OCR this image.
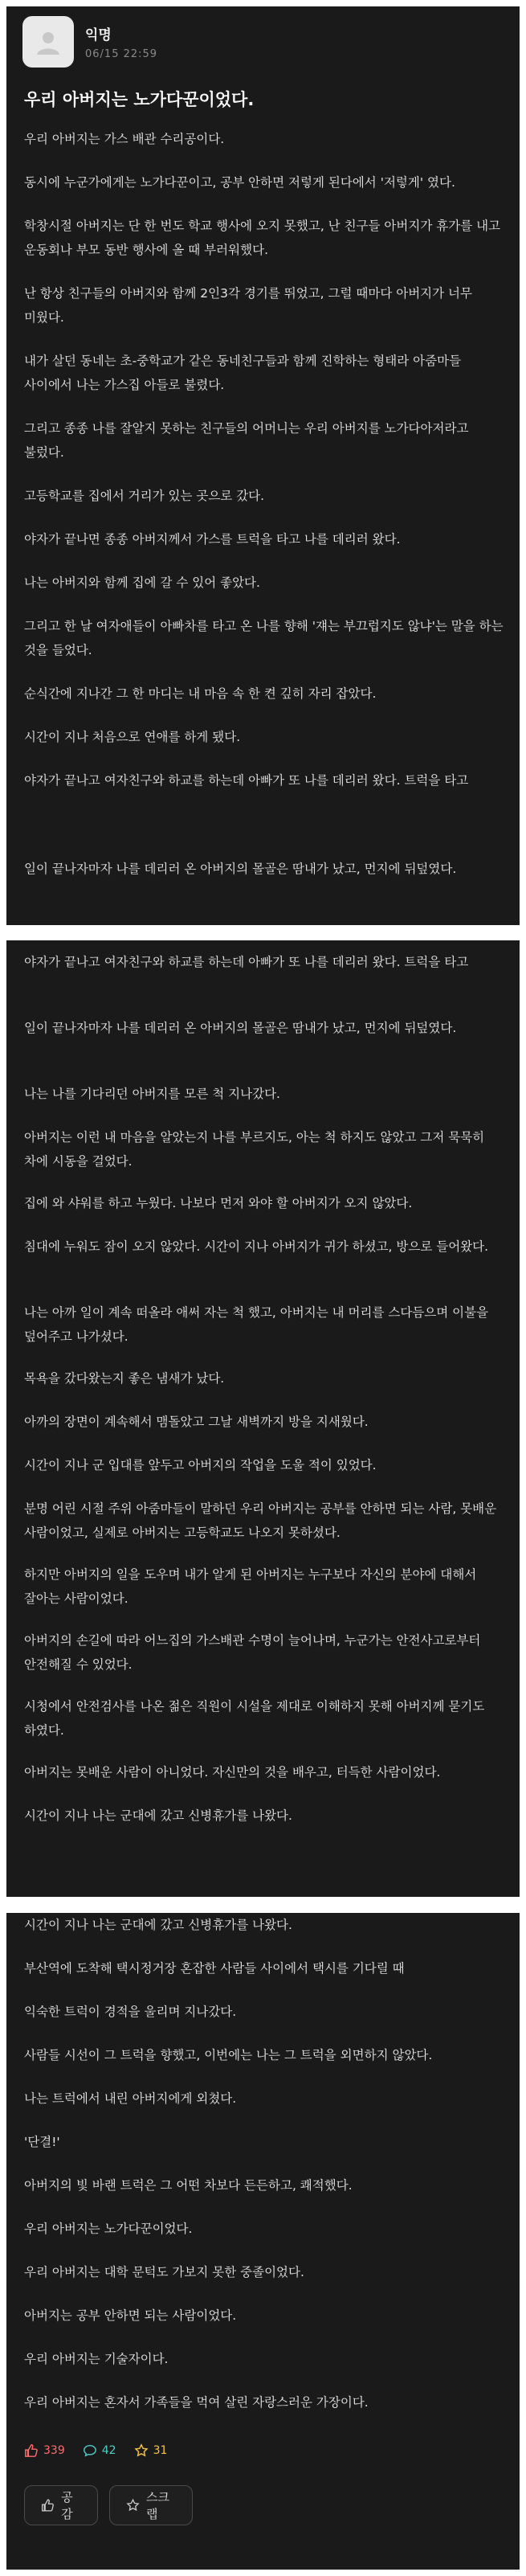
익명
06/15 22:59
우리 아버지는 노가다꾼이었다.

우리 아버지는 가스 배관 수리공이다.

동시에 누군가에게는 노가다꾼이고, 공부 안하면 저렇게 된다에서 '저렇게' 였다.

학창시절 아버지는 단 한 번도 학교 행사에 오지 못했고, 난 친구들 아버지가 휴가를 내고 운동회나 부모 동반 행사에 올 때 부러워했다.

난 항상 친구들의 아버지와 함께 2인3각 경기를 뛰었고, 그럴 때마다 아버지가 너무 미웠다.

내가 살던 동네는 초-중학교가 같은 동네친구들과 함께 진학하는 형태라 아줌마들 사이에서 나는 가스집 아들로 불렸다.

그리고 종종 나를 잘알지 못하는 친구들의 어머니는 우리 아버지를 노가다아저라고 불렀다.

고등학교를 집에서 거리가 있는 곳으로 갔다.

야자가 끝나면 종종 아버지께서 가스를 트럭을 타고 나를 데리러 왔다.

나는 아버지와 함께 집에 갈 수 있어 좋았다.

그리고 한 날 여자애들이 아빠차를 타고 온 나를 향해 '쟤는 부끄럽지도 않냐'는 말을 하는 것을 들었다.

순식간에 지나간 그 한 마디는 내 마음 속 한 켠 깊히 자리 잡았다.

시간이 지나 처음으로 연애를 하게 됐다.

야자가 끝나고 여자친구와 하교를 하는데 아빠가 또 나를 데리러 왔다. 트럭을 타고

일이 끝나자마자 나를 데리러 온 아버지의 몰골은 땀내가 났고, 먼지에 뒤덮였다.

야자가 끝나고 여자친구와 하교를 하는데 아빠가 또 나를 데리러 왔다. 트럭을 타고

일이 끝나자마자 나를 데리러 온 아버지의 몰골은 땀내가 났고, 먼지에 뒤덮였다.

나는 나를 기다리던 아버지를 모른 척 지나갔다.

아버지는 이런 내 마음을 알았는지 나를 부르지도, 아는 척 하지도 않았고 그저 묵묵히 차에 시동을 걸었다.

집에 와 샤워를 하고 누웠다. 나보다 먼저 와야 할 아버지가 오지 않았다.

침대에 누워도 잠이 오지 않았다. 시간이 지나 아버지가 귀가 하셨고, 방으로 들어왔다.

나는 아까 일이 계속 떠올라 애써 자는 척 했고, 아버지는 내 머리를 스다듬으며 이불을 덮어주고 나가셨다.

목욕을 갔다왔는지 좋은 냄새가 났다.

아까의 장면이 계속해서 맴돌았고 그날 새벽까지 방을 지새웠다.

시간이 지나 군 입대를 앞두고 아버지의 작업을 도울 적이 있었다.

분명 어린 시절 주위 아줌마들이 말하던 우리 아버지는 공부를 안하면 되는 사람, 못배운 사람이었고, 실제로 아버지는 고등학교도 나오지 못하셨다.

하지만 아버지의 일을 도우며 내가 알게 된 아버지는 누구보다 자신의 분야에 대해서 잘아는 사람이었다.

아버지의 손길에 따라 어느집의 가스배관 수명이 늘어나며, 누군가는 안전사고로부터 안전해질 수 있었다.

시청에서 안전검사를 나온 젊은 직원이 시설을 제대로 이해하지 못해 아버지께 묻기도 하였다.

아버지는 못배운 사람이 아니었다. 자신만의 것을 배우고, 터득한 사람이었다.

시간이 지나 나는 군대에 갔고 신병휴가를 나왔다.

시간이 지나 나는 군대에 갔고 신병휴가를 나왔다.

부산역에 도착해 택시정거장 혼잡한 사람들 사이에서 택시를 기다릴 때

익숙한 트럭이 경적을 울리며 지나갔다.

사람들 시선이 그 트럭을 향했고, 이번에는 나는 그 트럭을 외면하지 않았다.

나는 트럭에서 내린 아버지에게 외쳤다.

'단결!'

아버지의 빛 바랜 트럭은 그 어떤 차보다 든든하고, 쾌적했다.

우리 아버지는 노가다꾼이었다.

우리 아버지는 대학 문턱도 가보지 못한 중졸이었다.

아버지는 공부 안하면 되는 사람이었다.

우리 아버지는 기술자이다.

우리 아버지는 혼자서 가족들을 먹여 살린 자랑스러운 가장이다.

339	42	31
공감
스크랩
